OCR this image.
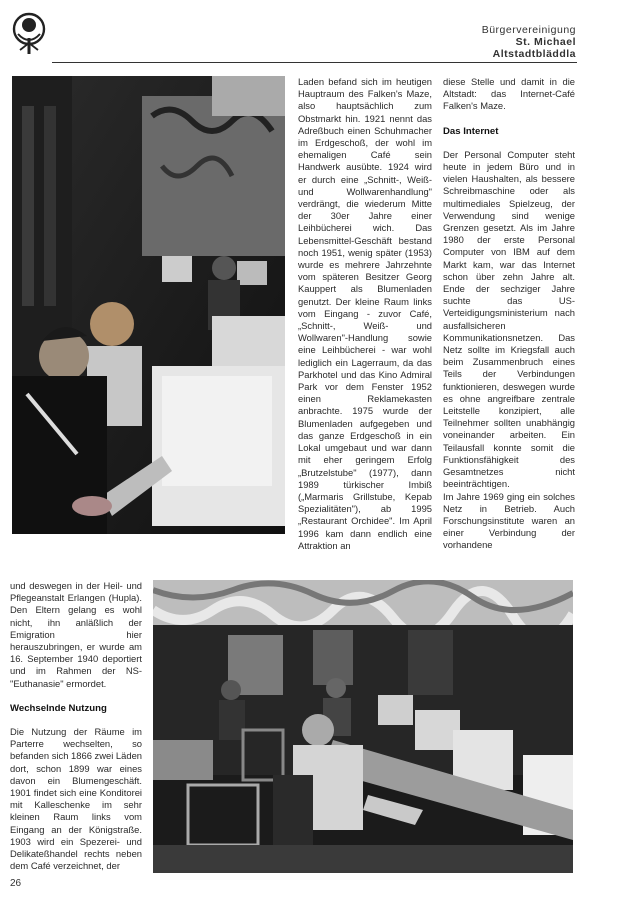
Bürgervereinigung
St. Michael
Altstadtbläddla

Laden befand sich im heutigen Hauptraum des Falken's Maze, also hauptsächlich zum Obstmarkt hin. 1921 nennt das Adreßbuch einen Schuhmacher im Erdgeschoß, der wohl im ehemaligen Café sein Handwerk ausübte. 1924 wird er durch eine „Schnitt-, Weiß- und Wollwarenhandlung" verdrängt, die wiederum Mitte der 30er Jahre einer Leihbücherei wich. Das Lebensmittel-Geschäft bestand noch 1951, wenig später (1953) wurde es mehrere Jahrzehnte vom späteren Besitzer Georg Kauppert als Blumenladen genutzt. Der kleine Raum links vom Eingang - zuvor Café, „Schnitt-, Weiß- und Wollwaren"-Handlung sowie eine Leihbücherei - war wohl lediglich ein Lagerraum, da das Parkhotel und das Kino Admiral Park vor dem Fenster 1952 einen Reklamekasten anbrachte. 1975 wurde der Blumenladen aufgegeben und das ganze Erdgeschoß in ein Lokal umgebaut und war dann mit eher geringem Erfolg „Brutzelstube" (1977), dann 1989 türkischer Imbiß („Marmaris Grillstube, Kepab Spezialitäten"), ab 1995 „Restaurant Orchidee". Im April 1996 kam dann endlich eine Attraktion an

diese Stelle und damit in die Altstadt: das Internet-Café Falken's Maze.

Das Internet

Der Personal Computer steht heute in jedem Büro und in vielen Haushalten, als bessere Schreibmaschine oder als multimediales Spielzeug, der Verwendung sind wenige Grenzen gesetzt. Als im Jahre 1980 der erste Personal Computer von IBM auf dem Markt kam, war das Internet schon über zehn Jahre alt. Ende der sechziger Jahre suchte das US-Verteidigungsministerium nach ausfallsicheren Kommunikationsnetzen. Das Netz sollte im Kriegsfall auch beim Zusammenbruch eines Teils der Verbindungen funktionieren, deswegen wurde es ohne angreifbare zentrale Leitstelle konzipiert, alle Teilnehmer sollten unabhängig voneinander arbeiten. Ein Teilausfall konnte somit die Funktionsfähigkeit des Gesamtnetzes nicht beeinträchtigen.

Im Jahre 1969 ging ein solches Netz in Betrieb. Auch Forschungsinstitute waren an einer Verbindung der vorhandene

und deswegen in der Heil- und Pflegeanstalt Erlangen (Hupla). Den Eltern gelang es wohl nicht, ihn anläßlich der Emigration hier herauszubringen, er wurde am 16. September 1940 deportiert und im Rahmen der NS-"Euthanasie" ermordet.

Wechselnde Nutzung

Die Nutzung der Räume im Parterre wechselten, so befanden sich 1866 zwei Läden dort, schon 1899 war eines davon ein Blumengeschäft. 1901 findet sich eine Konditorei mit Kalleschenke im sehr kleinen Raum links vom Eingang an der Königstraße. 1903 wird ein Spezerei- und Delikateßhandel rechts neben dem Café verzeichnet, der

26
